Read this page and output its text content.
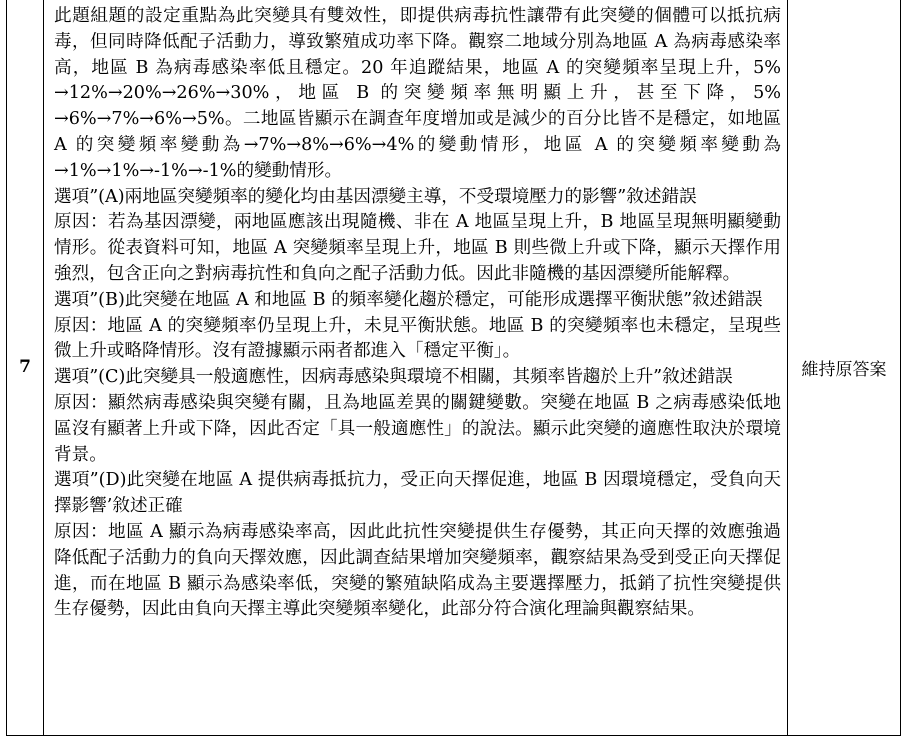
7	

此題組題的設定重點為此突變具有雙效性，即提供病毒抗性讓帶有此突變的個體可以抵抗病毒，但同時降低配子活動力，導致繁殖成功率下降。觀察二地域分別為地區 A 為病毒感染率高，地區 B 為病毒感染率低且穩定。20 年追蹤結果，地區 A 的突變頻率呈現上升，5% →12%→20%→26%→30%，地區 B 的突變頻率無明顯上升，甚至下降，5% →6%→7%→6%→5%。二地區皆顯示在調查年度增加或是減少的百分比皆不是穩定，如地區 A 的突變頻率變動為→7%→8%→6%→4%的變動情形，地區 A 的突變頻率變動為→1%→1%→-1%→-1%的變動情形。

選項”(A)兩地區突變頻率的變化均由基因漂變主導，不受環境壓力的影響”敘述錯誤

原因：若為基因漂變，兩地區應該出現隨機、非在 A 地區呈現上升，B 地區呈現無明顯變動情形。從表資料可知，地區 A 突變頻率呈現上升，地區 B 則些微上升或下降，顯示天擇作用強烈，包含正向之對病毒抗性和負向之配子活動力低。因此非隨機的基因漂變所能解釋。

選項”(B)此突變在地區 A 和地區 B 的頻率變化趨於穩定，可能形成選擇平衡狀態”敘述錯誤

原因：地區 A 的突變頻率仍呈現上升，未見平衡狀態。地區 B 的突變頻率也未穩定，呈現些微上升或略降情形。沒有證據顯示兩者都進入「穩定平衡」。

選項”(C)此突變具一般適應性，因病毒感染與環境不相關，其頻率皆趨於上升”敘述錯誤

原因：顯然病毒感染與突變有關，且為地區差異的關鍵變數。突變在地區 B 之病毒感染低地區沒有顯著上升或下降，因此否定「具一般適應性」的說法。顯示此突變的適應性取決於環境背景。

選項”(D)此突變在地區 A 提供病毒抵抗力，受正向天擇促進，地區 B 因環境穩定，受負向天擇影響’敘述正確

原因：地區 A 顯示為病毒感染率高，因此此抗性突變提供生存優勢，其正向天擇的效應強過降低配子活動力的負向天擇效應，因此調查結果增加突變頻率，觀察結果為受到受正向天擇促進，而在地區 B 顯示為感染率低，突變的繁殖缺陷成為主要選擇壓力，抵銷了抗性突變提供生存優勢，因此由負向天擇主導此突變頻率變化，此部分符合演化理論與觀察結果。

	維持原答案
